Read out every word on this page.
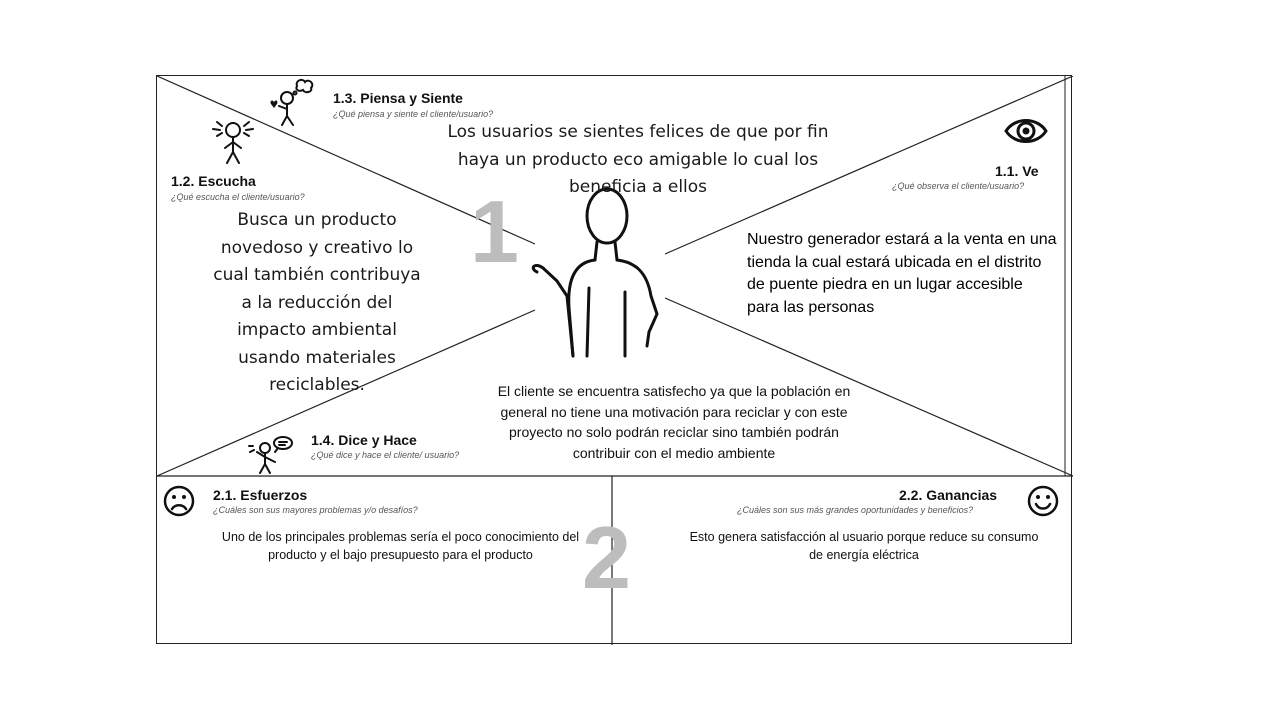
1
2
1.3. Piensa y Siente
¿Qué piensa y siente el cliente/usuario?
1.2. Escucha
¿Qué escucha el cliente/usuario?
1.1. Ve
¿Qué observa el cliente/usuario?
1.4. Dice y Hace
¿Qué dice y hace el cliente/ usuario?
2.1. Esfuerzos
¿Cuáles son sus mayores problemas y/o desafíos?
2.2. Ganancias
¿Cuáles son sus más grandes oportunidades y beneficios?
Los usuarios se sientes felices de que por fin haya un producto eco amigable lo cual los beneficia a ellos
Busca un producto novedoso y creativo lo cual también contribuya a la reducción del impacto ambiental usando materiales reciclables.
Nuestro generador estará a la venta en una tienda la cual estará ubicada en el distrito de puente piedra en un lugar accesible para las personas
El cliente se encuentra satisfecho ya que la población en general no tiene una motivación para reciclar y con este proyecto no solo podrán reciclar sino también podrán contribuir con el medio ambiente
Uno de los principales problemas sería el poco conocimiento del producto y el bajo presupuesto para el producto
Esto genera satisfacción al usuario porque reduce su consumo de energía eléctrica
